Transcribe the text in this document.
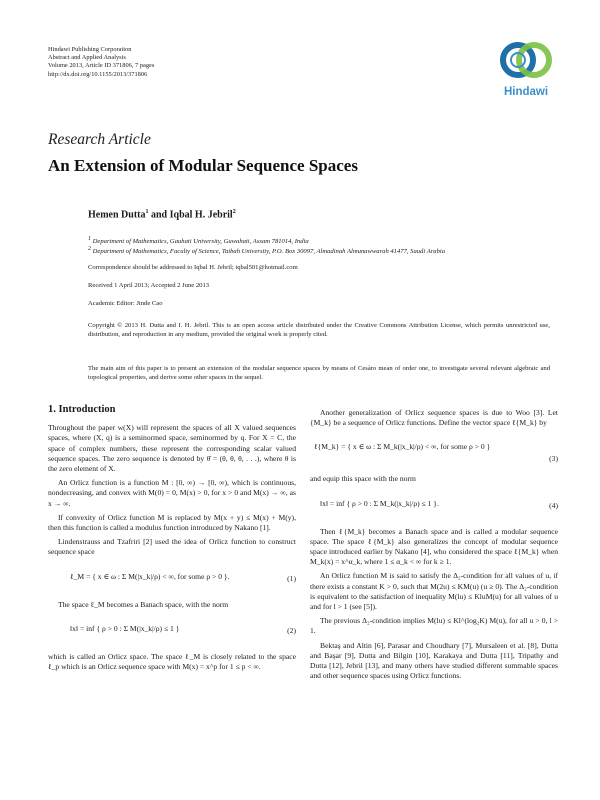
Hindawi Publishing Corporation
Abstract and Applied Analysis
Volume 2013, Article ID 371806, 7 pages
http://dx.doi.org/10.1155/2013/371806
Hindawi
Research Article
An Extension of Modular Sequence Spaces
Hemen Dutta$^1$ and Iqbal H. Jebril$^2$
1 Department of Mathematics, Gauhati University, Guwahati, Assam 781014, India
2 Department of Mathematics, Faculty of Science, Taibah University, P.O. Box 30097, Almadinah Almunawwarah 41477, Saudi Arabia
Correspondence should be addressed to Iqbal H. Jebril; iqbal501@hotmail.com
Received 1 April 2013; Accepted 2 June 2013
Academic Editor: Jinde Cao
Copyright © 2013 H. Dutta and I. H. Jebril. This is an open access article distributed under the Creative Commons Attribution License, which permits unrestricted use, distribution, and reproduction in any medium, provided the original work is properly cited.
The main aim of this paper is to present an extension of the modular sequence spaces by means of Cesàro mean of order one, to investigate several relevant algebraic and topological properties, and derive some other spaces in the sequel.
1. Introduction

Throughout the paper w(X) will represent the spaces of all X valued sequences spaces, where (X, q) is a seminormed space, seminormed by q. For X = C, the space of complex numbers, these represent the corresponding scalar valued sequence spaces. The zero sequence is denoted by θ̄ = (θ, θ, θ, . . .), where θ is the zero element of X.

An Orlicz function is a function M : [0, ∞) → [0, ∞), which is continuous, nondecreasing, and convex with M(0) = 0, M(x) > 0, for x > 0 and M(x) → ∞, as x → ∞.

If convexity of Orlicz function M is replaced by M(x + y) ≤ M(x) + M(y), then this function is called a modulus function introduced by Nakano [1].

Lindenstrauss and Tzafriri [2] used the idea of Orlicz function to construct sequence space

ℓ_M = { x ∈ ω : Σ M(|x_k|/ρ) < ∞, for some ρ > 0 }.	(1)

The space ℓ_M becomes a Banach space, with the norm

‖x‖ = inf { ρ > 0 : Σ M(|x_k|/ρ) ≤ 1 }	(2)

which is called an Orlicz space. The space ℓ_M is closely related to the space ℓ_p which is an Orlicz sequence space with M(x) = x^p for 1 ≤ p < ∞.

Another generalization of Orlicz sequence spaces is due to Woo [3]. Let {M_k} be a sequence of Orlicz functions. Define the vector space ℓ{M_k} by

ℓ{M_k} = { x ∈ ω : Σ M_k(|x_k|/ρ) < ∞, for some ρ > 0 }
(3)

and equip this space with the norm

‖x‖ = inf { ρ > 0 : Σ M_k(|x_k|/ρ) ≤ 1 }.	(4)

Then ℓ{M_k} becomes a Banach space and is called a modular sequence space. The space ℓ{M_k} also generalizes the concept of modular sequence space introduced earlier by Nakano [4], who considered the space ℓ{M_k} when M_k(x) = x^α_k, where 1 ≤ α_k < ∞ for k ≥ 1.

An Orlicz function M is said to satisfy the Δ₂-condition for all values of u, if there exists a constant K > 0, such that M(2u) ≤ KM(u) (u ≥ 0). The Δ₂-condition is equivalent to the satisfaction of inequality M(lu) ≤ KluM(u) for all values of u and for l > 1 (see [5]).

The previous Δ₂-condition implies M(lu) ≤ Kl^(log₂K) M(u), for all u > 0, l > 1.

Bektaş and Altin [6], Parasar and Choudhary [7], Mursaleen et al. [8], Dutta and Başar [9], Dutta and Bilgin [10], Karakaya and Dutta [11], Tripathy and Dutta [12], Jebril [13], and many others have studied different summable spaces and other sequence spaces using Orlicz functions.
